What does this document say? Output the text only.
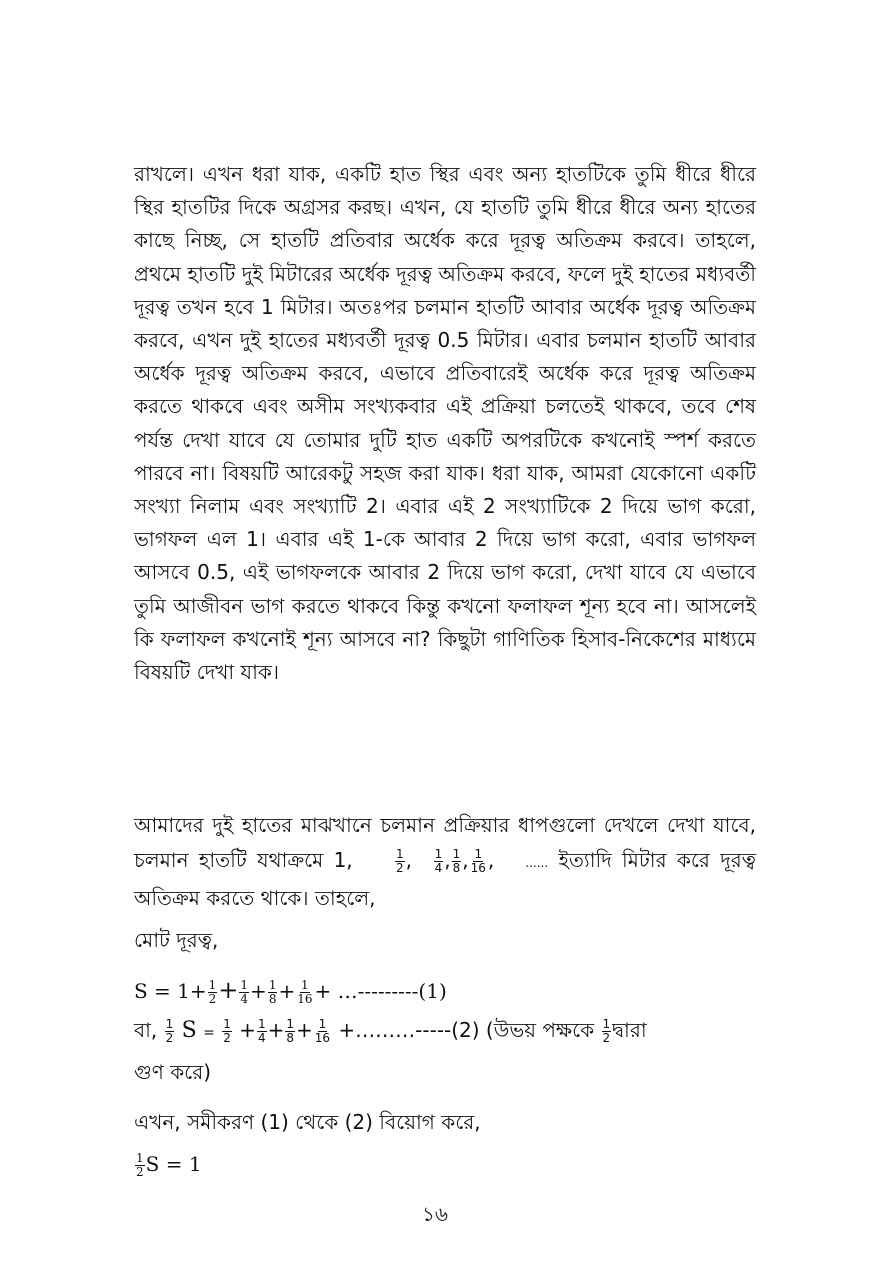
রাখলে। এখন ধরা যাক, একটি হাত স্থির এবং অন্য হাতটিকে তুমি ধীরে ধীরে স্থির হাতটির দিকে অগ্রসর করছ। এখন, যে হাতটি তুমি ধীরে ধীরে অন্য হাতের কাছে নিচ্ছ, সে হাতটি প্রতিবার অর্ধেক করে দূরত্ব অতিক্রম করবে। তাহলে, প্রথমে হাতটি দুই মিটারের অর্ধেক দূরত্ব অতিক্রম করবে, ফলে দুই হাতের মধ্যবর্তী দূরত্ব তখন হবে 1 মিটার। অতঃপর চলমান হাতটি আবার অর্ধেক দূরত্ব অতিক্রম করবে, এখন দুই হাতের মধ্যবর্তী দূরত্ব 0.5 মিটার। এবার চলমান হাতটি আবার অর্ধেক দূরত্ব অতিক্রম করবে, এভাবে প্রতিবারেই অর্ধেক করে দূরত্ব অতিক্রম করতে থাকবে এবং অসীম সংখ্যকবার এই প্রক্রিয়া চলতেই থাকবে, তবে শেষ পর্যন্ত দেখা যাবে যে তোমার দুটি হাত একটি অপরটিকে কখনোই স্পর্শ করতে পারবে না। বিষয়টি আরেকটু সহজ করা যাক। ধরা যাক, আমরা যেকোনো একটি সংখ্যা নিলাম এবং সংখ্যাটি 2। এবার এই 2 সংখ্যাটিকে 2 দিয়ে ভাগ করো, ভাগফল এল 1। এবার এই 1-কে আবার 2 দিয়ে ভাগ করো, এবার ভাগফল আসবে 0.5, এই ভাগফলকে আবার 2 দিয়ে ভাগ করো, দেখা যাবে যে এভাবে তুমি আজীবন ভাগ করতে থাকবে কিন্তু কখনো ফলাফল শূন্য হবে না। আসলেই কি ফলাফল কখনোই শূন্য আসবে না? কিছুটা গাণিতিক হিসাব-নিকেশের মাধ্যমে বিষয়টি দেখা যাক।

আমাদের দুই হাতের মাঝখানে চলমান প্রক্রিয়ার ধাপগুলো দেখলে দেখা যাবে, চলমান হাতটি যথাক্রমে 1,	$\frac{1}{2}$ , $\frac{1}{4}$ , $\frac{1}{8}$ , $\frac{1}{16}$ ,   ...... ইত্যাদি মিটার করে দূরত্ব অতিক্রম করতে থাকে। তাহলে,

মোট দূরত্ব,
$S = 1+ \frac{1}{2} + \frac{1}{4} + \frac{1}{8} + \frac{1}{16}$ + …---------(1)
বা, $\frac{1}{2}$ $S = \frac{1}{2} + \frac{1}{4} + \frac{1}{8} + \frac{1}{16}$ +………-----(2) (উভয় পক্ষকে $\frac{1}{2}$ দ্বারা
গুণ করে)
এখন, সমীকরণ (1) থেকে (2) বিয়োগ করে,
$\frac{1}{2}$ S = 1
১৬
